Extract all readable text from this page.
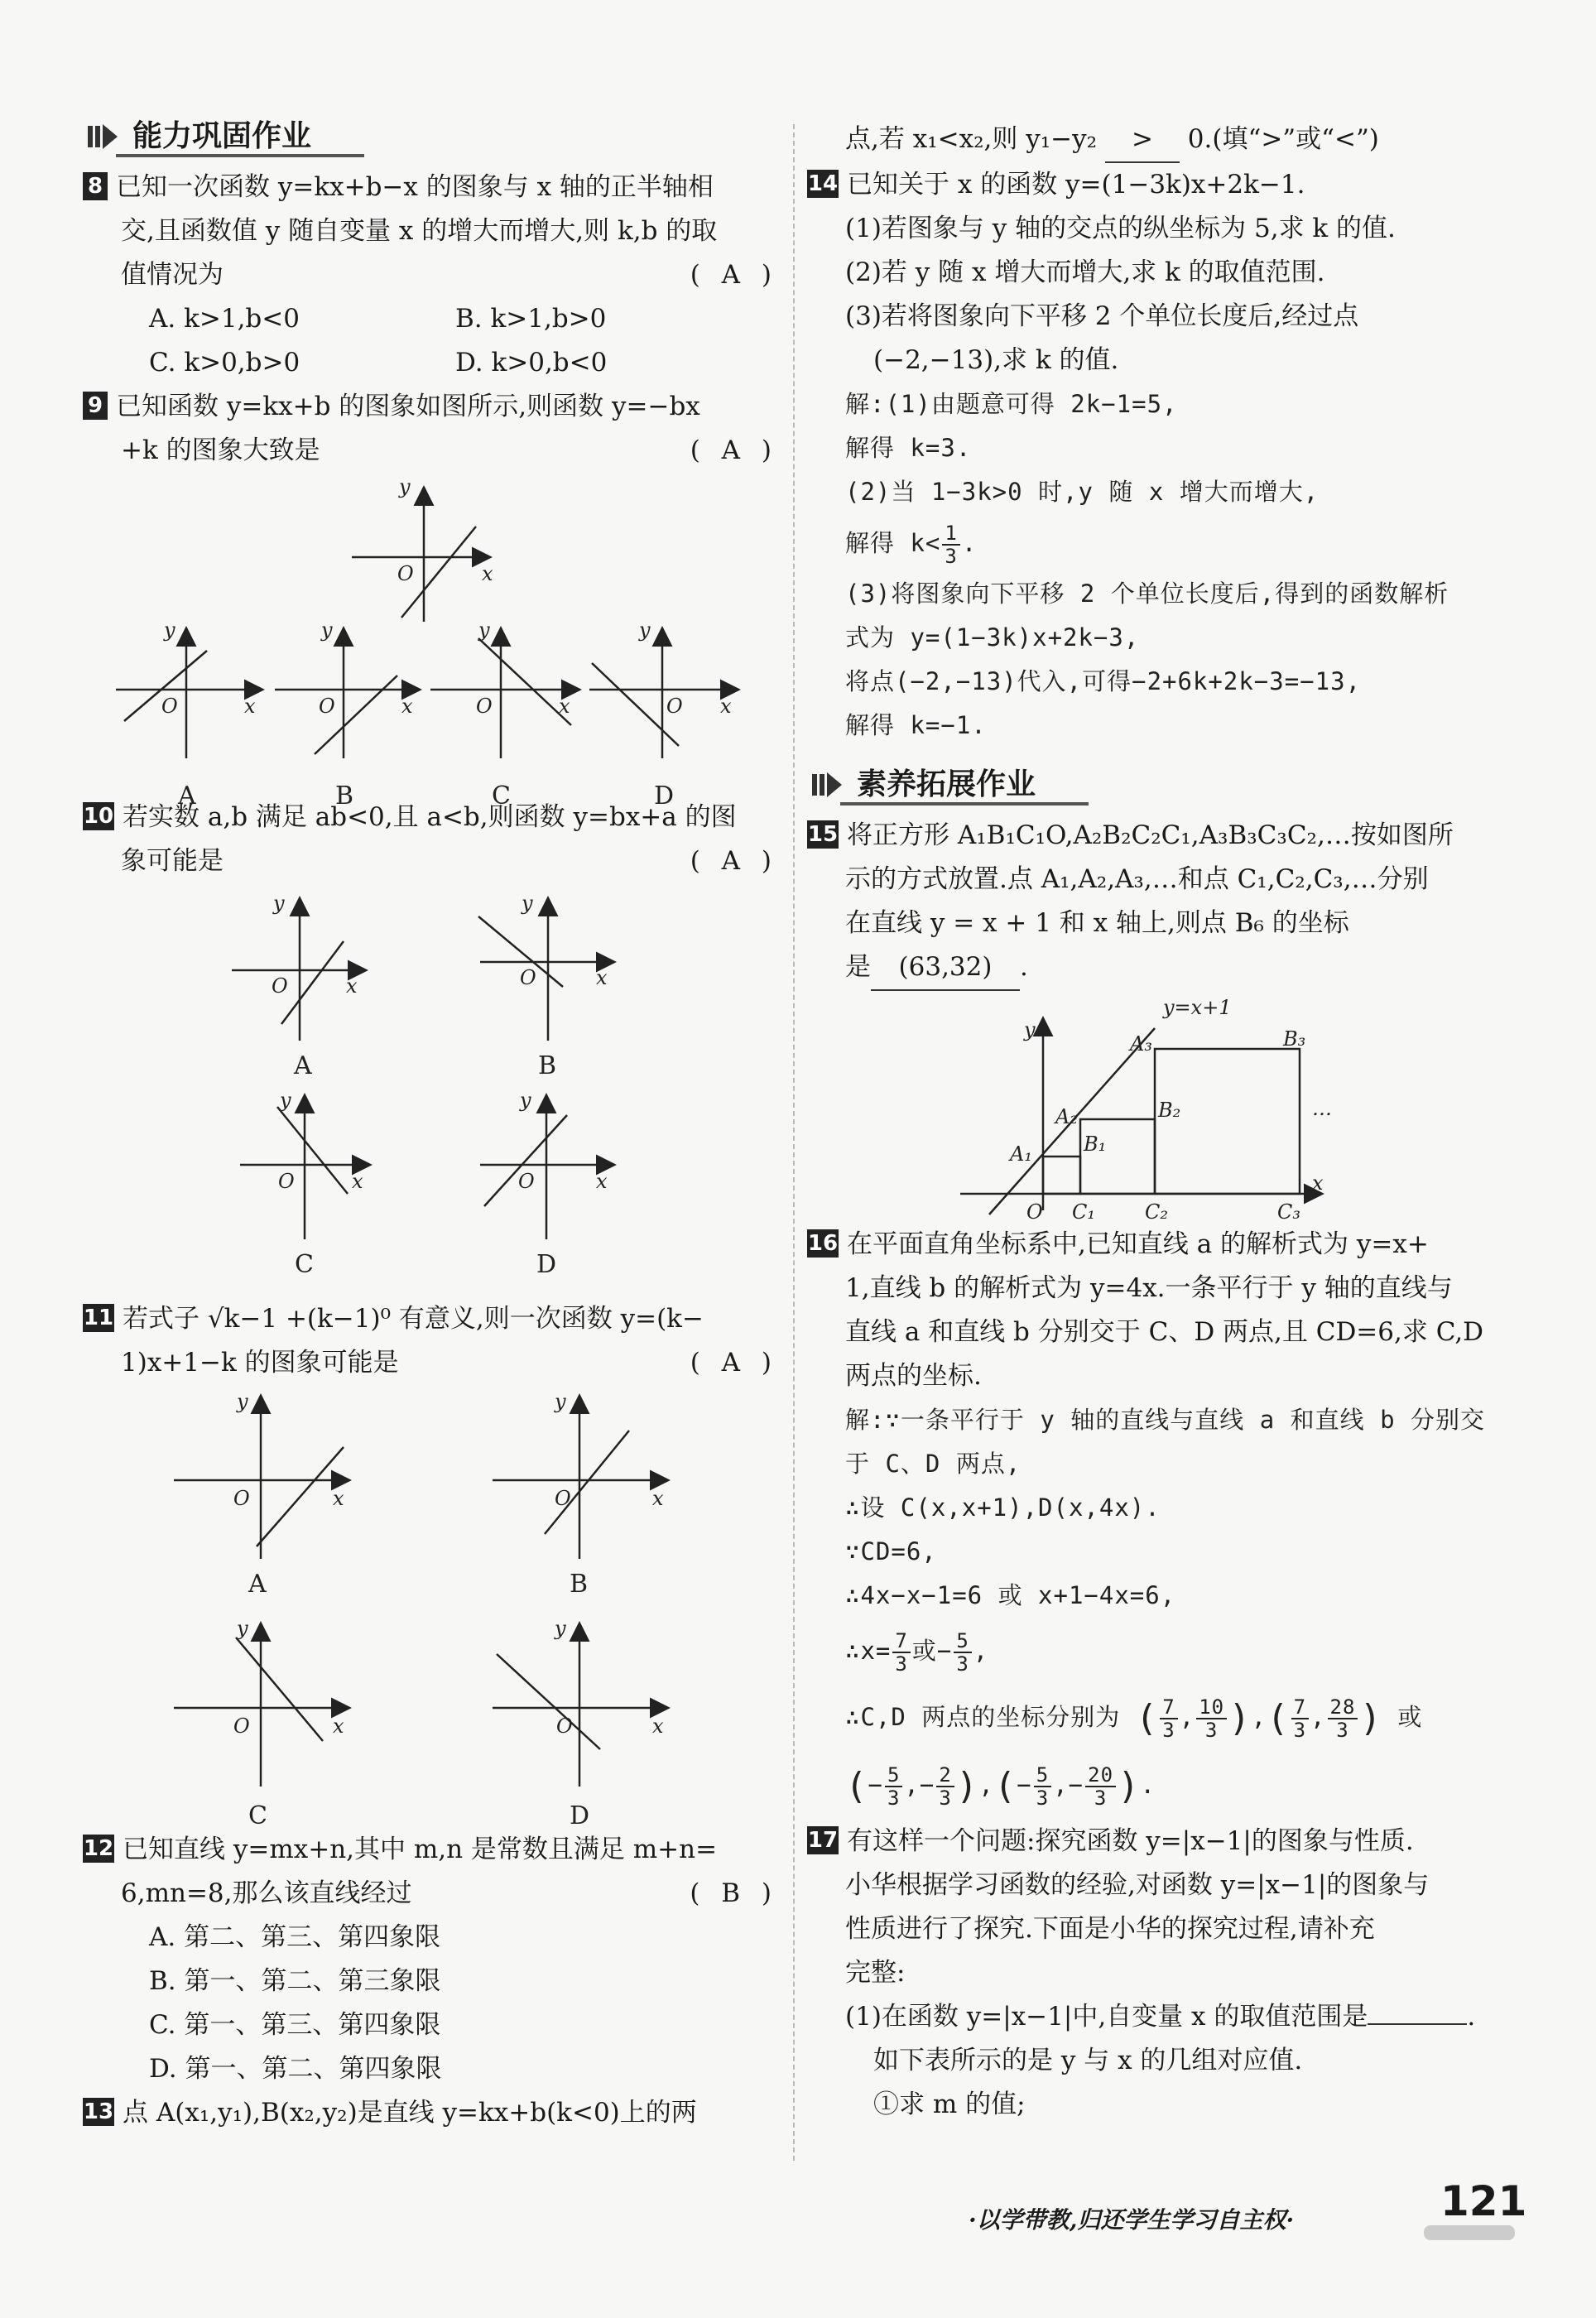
能力巩固作业
8 已知一次函数 y=kx+b−x 的图象与 x 轴的正半轴相
交,且函数值 y 随自变量 x 的增大而增大,则 k,b 的取
值情况为	( A )
A. k>1,b<0	B. k>1,b>0
C. k>0,b>0	D. k>0,b<0
9 已知函数 y=kx+b 的图象如图所示,则函数 y=−bx
+k 的图象大致是	( A )
y
x
O
y
x
O
y
x
O
y
x
O
y
x
O
A	B	C	D
10 若实数 a,b 满足 ab<0,且 a<b,则函数 y=bx+a 的图
象可能是	( A )
y
x
O
y
x
O
y
x
O
y
x
O
A	B
C	D
11 若式子 √k−1 +(k−1)⁰ 有意义,则一次函数 y=(k−
1)x+1−k 的图象可能是	( A )
y
x
O
y
x
O
y
x
O
y
x
O
A	B
C	D
12 已知直线 y=mx+n,其中 m,n 是常数且满足 m+n=
6,mn=8,那么该直线经过	( B )
A. 第二、第三、第四象限
B. 第一、第二、第三象限
C. 第一、第三、第四象限
D. 第一、第二、第四象限
13 点 A(x₁,y₁),B(x₂,y₂)是直线 y=kx+b(k<0)上的两
点,若 x₁<x₂,则 y₁−y₂ > 0.(填“>”或“<”)
14 已知关于 x 的函数 y=(1−3k)x+2k−1.
(1)若图象与 y 轴的交点的纵坐标为 5,求 k 的值.
(2)若 y 随 x 增大而增大,求 k 的取值范围.
(3)若将图象向下平移 2 个单位长度后,经过点
(−2,−13),求 k 的值.
解:(1)由题意可得 2k−1=5,
解得 k=3.
(2)当 1−3k>0 时,y 随 x 增大而增大,
解得 $k< \frac{1}{3}$ .
(3)将图象向下平移 2 个单位长度后,得到的函数解析
式为 y=(1−3k)x+2k−3,
将点(−2,−13)代入,可得−2+6k+2k−3=−13,
解得 k=−1.
素养拓展作业
15 将正方形 A₁B₁C₁O,A₂B₂C₂C₁,A₃B₃C₃C₂,…按如图所
示的方式放置.点 A₁,A₂,A₃,…和点 C₁,C₂,C₃,…分别
在直线 y = x + 1 和 x 轴上,则点 B₆ 的坐标
是 (63,32) .
y=x+1
y
x
O
A₁
A₂
A₃
B₁
B₂
B₃
C₁	C₂	C₃
…
16 在平面直角坐标系中,已知直线 a 的解析式为 y=x+
1,直线 b 的解析式为 y=4x.一条平行于 y 轴的直线与
直线 a 和直线 b 分别交于 C、D 两点,且 CD=6,求 C,D
两点的坐标.
解:∵一条平行于 y 轴的直线与直线 a 和直线 b 分别交
于 C、D 两点,
∴设 C(x,x+1),D(x,4x).
∵CD=6,
∴4x−x−1=6 或 x+1−4x=6,
∴x= $\frac{7}{3}$ 或− $\frac{5}{3}$ ,
∴C,D 两点的坐标分别为 ( $\frac{7}{3}$ , $\frac{10}{3}$ ),( $\frac{7}{3}$ , $\frac{28}{3}$ ) 或
(− $\frac{5}{3}$ ,− $\frac{2}{3}$ ),(− $\frac{5}{3}$ ,− $\frac{20}{3}$ ).
17 有这样一个问题:探究函数 y=|x−1|的图象与性质.
小华根据学习函数的经验,对函数 y=|x−1|的图象与
性质进行了探究.下面是小华的探究过程,请补充
完整:
(1)在函数 y=|x−1|中,自变量 x 的取值范围是	.
如下表所示的是 y 与 x 的几组对应值.
①求 m 的值;
·以学带教,归还学生学习自主权·	121
